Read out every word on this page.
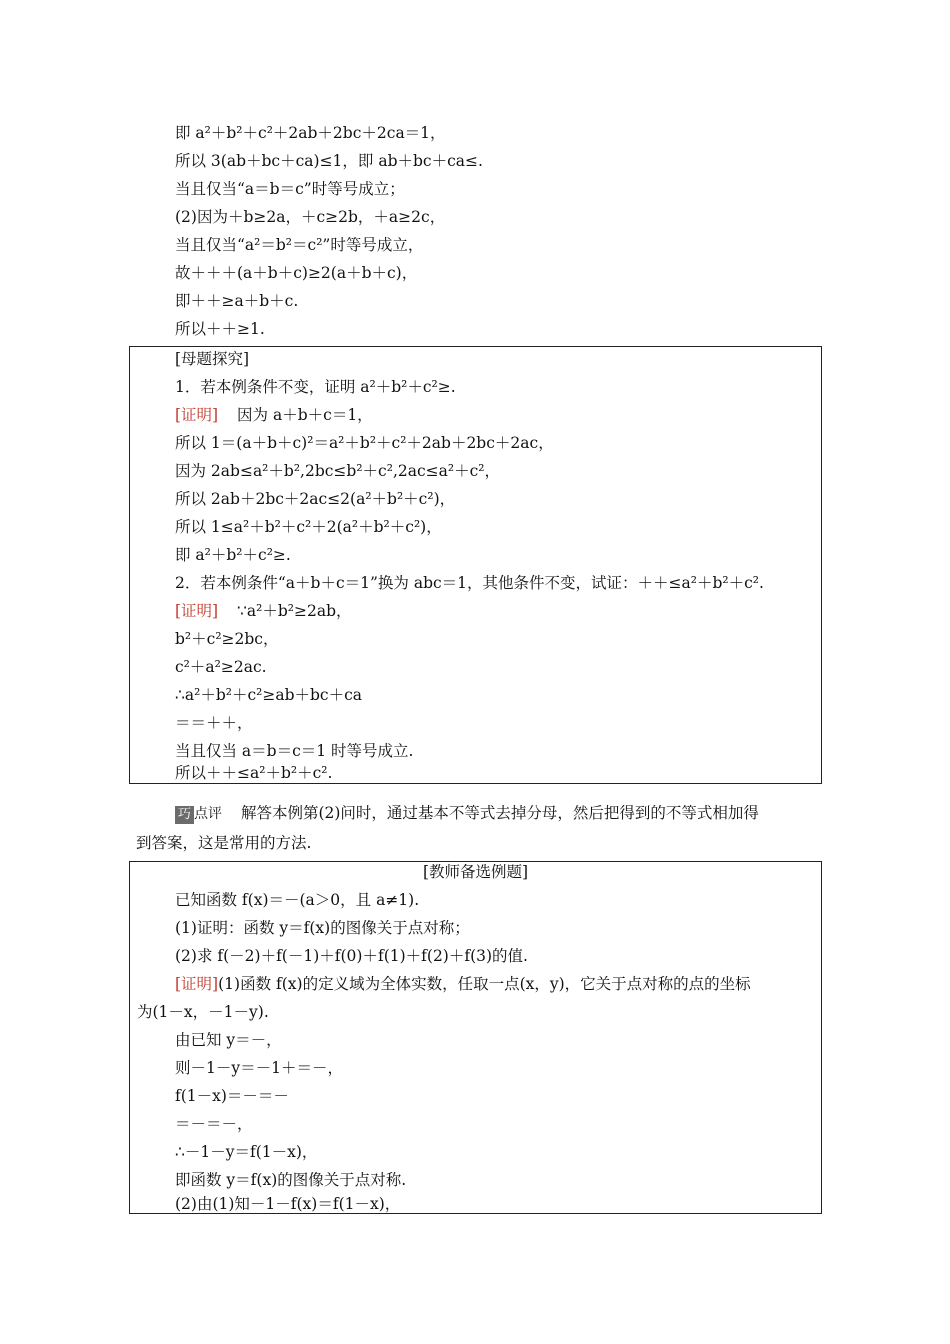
即 a²＋b²＋c²＋2ab＋2bc＋2ca＝1，
所以 3(ab＋bc＋ca)≤1，即 ab＋bc＋ca≤.
当且仅当“a＝b＝c”时等号成立；
(2)因为＋b≥2a，＋c≥2b，＋a≥2c，
当且仅当“a²＝b²＝c²”时等号成立，
故＋＋＋(a＋b＋c)≥2(a＋b＋c)，
即＋＋≥a＋b＋c.
所以＋＋≥1.
[母题探究]
1．若本例条件不变，证明 a²＋b²＋c²≥.
[证明] 因为 a＋b＋c＝1，
所以 1＝(a＋b＋c)²＝a²＋b²＋c²＋2ab＋2bc＋2ac，
因为 2ab≤a²＋b²,2bc≤b²＋c²,2ac≤a²＋c²，
所以 2ab＋2bc＋2ac≤2(a²＋b²＋c²)，
所以 1≤a²＋b²＋c²＋2(a²＋b²＋c²)，
即 a²＋b²＋c²≥.
2．若本例条件“a＋b＋c＝1”换为 abc＝1，其他条件不变，试证：＋＋≤a²＋b²＋c².
[证明] ∵a²＋b²≥2ab，
b²＋c²≥2bc，
c²＋a²≥2ac.
∴a²＋b²＋c²≥ab＋bc＋ca
＝＝＋＋，
当且仅当 a＝b＝c＝1 时等号成立.
所以＋＋≤a²＋b²＋c².
巧 点评 解答本例第(2)问时，通过基本不等式去掉分母，然后把得到的不等式相加得
到答案，这是常用的方法.
[教师备选例题]
已知函数 f(x)＝－(a＞0，且 a≠1).
(1)证明：函数 y＝f(x)的图像关于点对称；
(2)求 f(－2)＋f(－1)＋f(0)＋f(1)＋f(2)＋f(3)的值.
[证明](1)函数 f(x)的定义域为全体实数，任取一点(x，y)，它关于点对称的点的坐标
为(1－x，－1－y).
由已知 y＝－，
则－1－y＝－1＋＝－，
f(1－x)＝－＝－
＝－＝－，
∴－1－y＝f(1－x)，
即函数 y＝f(x)的图像关于点对称.
(2)由(1)知－1－f(x)＝f(1－x)，
